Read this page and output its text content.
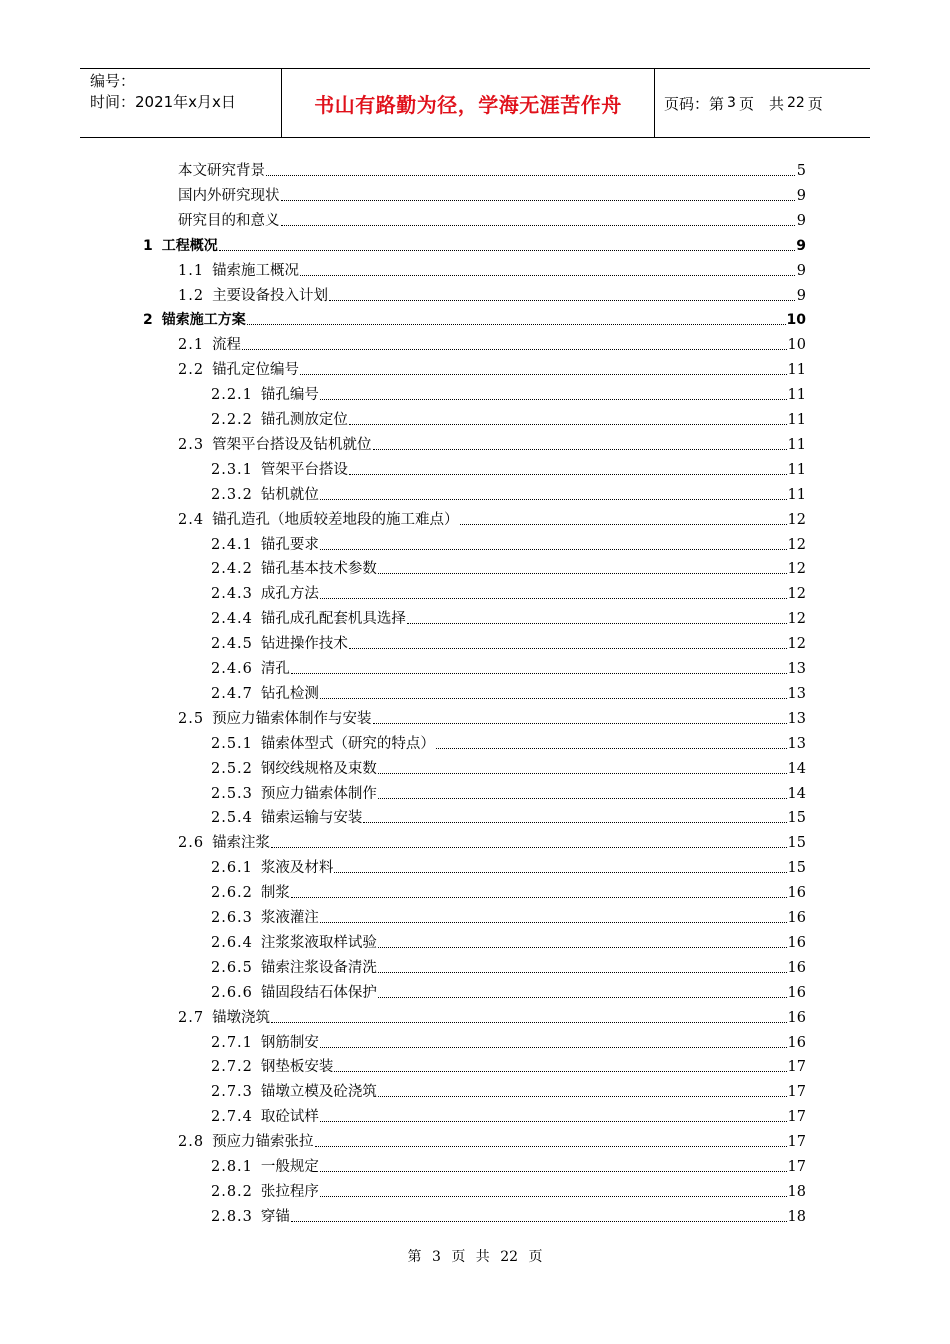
编号：
时间：2021年x月x日	书山有路勤为径，学海无涯苦作舟	页码：第 3 页　共 22 页
本文研究背景	5
国内外研究现状	9
研究目的和意义	9
1 工程概况	9
1.1 锚索施工概况	9
1.2 主要设备投入计划	9
2 锚索施工方案	10
2.1 流程	10
2.2 锚孔定位编号	11
2.2.1 锚孔编号	11
2.2.2 锚孔测放定位	11
2.3 管架平台搭设及钻机就位	11
2.3.1 管架平台搭设	11
2.3.2 钻机就位	11
2.4 锚孔造孔（地质较差地段的施工难点）	12
2.4.1 锚孔要求	12
2.4.2 锚孔基本技术参数	12
2.4.3 成孔方法	12
2.4.4 锚孔成孔配套机具选择	12
2.4.5 钻进操作技术	12
2.4.6 清孔	13
2.4.7 钻孔检测	13
2.5 预应力锚索体制作与安装	13
2.5.1 锚索体型式（研究的特点）	13
2.5.2 钢绞线规格及束数	14
2.5.3 预应力锚索体制作	14
2.5.4 锚索运输与安装	15
2.6 锚索注浆	15
2.6.1 浆液及材料	15
2.6.2 制浆	16
2.6.3 浆液灌注	16
2.6.4 注浆浆液取样试验	16
2.6.5 锚索注浆设备清洗	16
2.6.6 锚固段结石体保护	16
2.7 锚墩浇筑	16
2.7.1 钢筋制安	16
2.7.2 钢垫板安装	17
2.7.3 锚墩立模及砼浇筑	17
2.7.4 取砼试样	17
2.8 预应力锚索张拉	17
2.8.1 一般规定	17
2.8.2 张拉程序	18
2.8.3 穿锚	18
第 3 页 共 22 页
